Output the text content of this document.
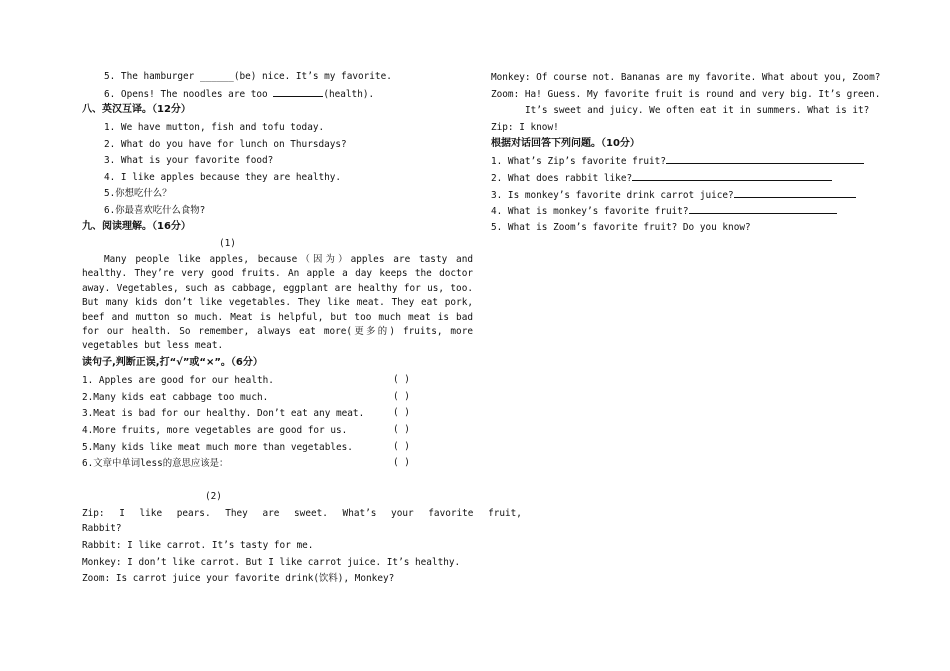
5. The hamburger ______(be) nice. It’s my favorite.
6. Opens! The noodles are too	(health).
八、英汉互译。（12分）
1. We have mutton, fish and tofu today.
2. What do you have for lunch on Thursdays?
3. What is your favorite food?
4. I like apples because they are healthy.
5.你想吃什么？
6.你最喜欢吃什么食物?
九、阅读理解。（16分）
(1)
Many people like apples, because（因为）apples are tasty and healthy. They’re very good fruits. An apple a day keeps the doctor away. Vegetables, such as cabbage, eggplant are healthy for us, too. But many kids don’t like vegetables. They like meat. They eat pork, beef and mutton so much. Meat is helpful, but too much meat is bad for our health. So remember, always eat more(更多的) fruits, more vegetables but less meat.
读句子,判断正误,打“√”或“×”。（6分）
1. Apples are good for our health.	( )
2.Many kids eat cabbage too much.	( )
3.Meat is bad for our healthy. Don’t eat any meat.	( )
4.More fruits, more vegetables are good for us.	( )
5.Many kids like meat much more than vegetables.	( )
6.文章中单词less的意思应该是：	( )
(2)
Zip: I like pears. They are sweet. What’s your favorite fruit,
Rabbit?
Rabbit: I like carrot. It’s tasty for me.
Monkey: I don’t like carrot. But I like carrot juice. It’s healthy.
Zoom: Is carrot juice your favorite drink(饮料), Monkey?
Monkey: Of course not. Bananas are my favorite. What about you, Zoom?
Zoom: Ha! Guess. My favorite fruit is round and very big. It’s green.
It’s sweet and juicy. We often eat it in summers. What is it?
Zip: I know!
根据对话回答下列问题。（10分）
1. What’s Zip’s favorite fruit?
2. What does rabbit like?
3. Is monkey’s favorite drink carrot juice?
4. What is monkey’s favorite fruit?
5. What is Zoom’s favorite fruit? Do you know?
